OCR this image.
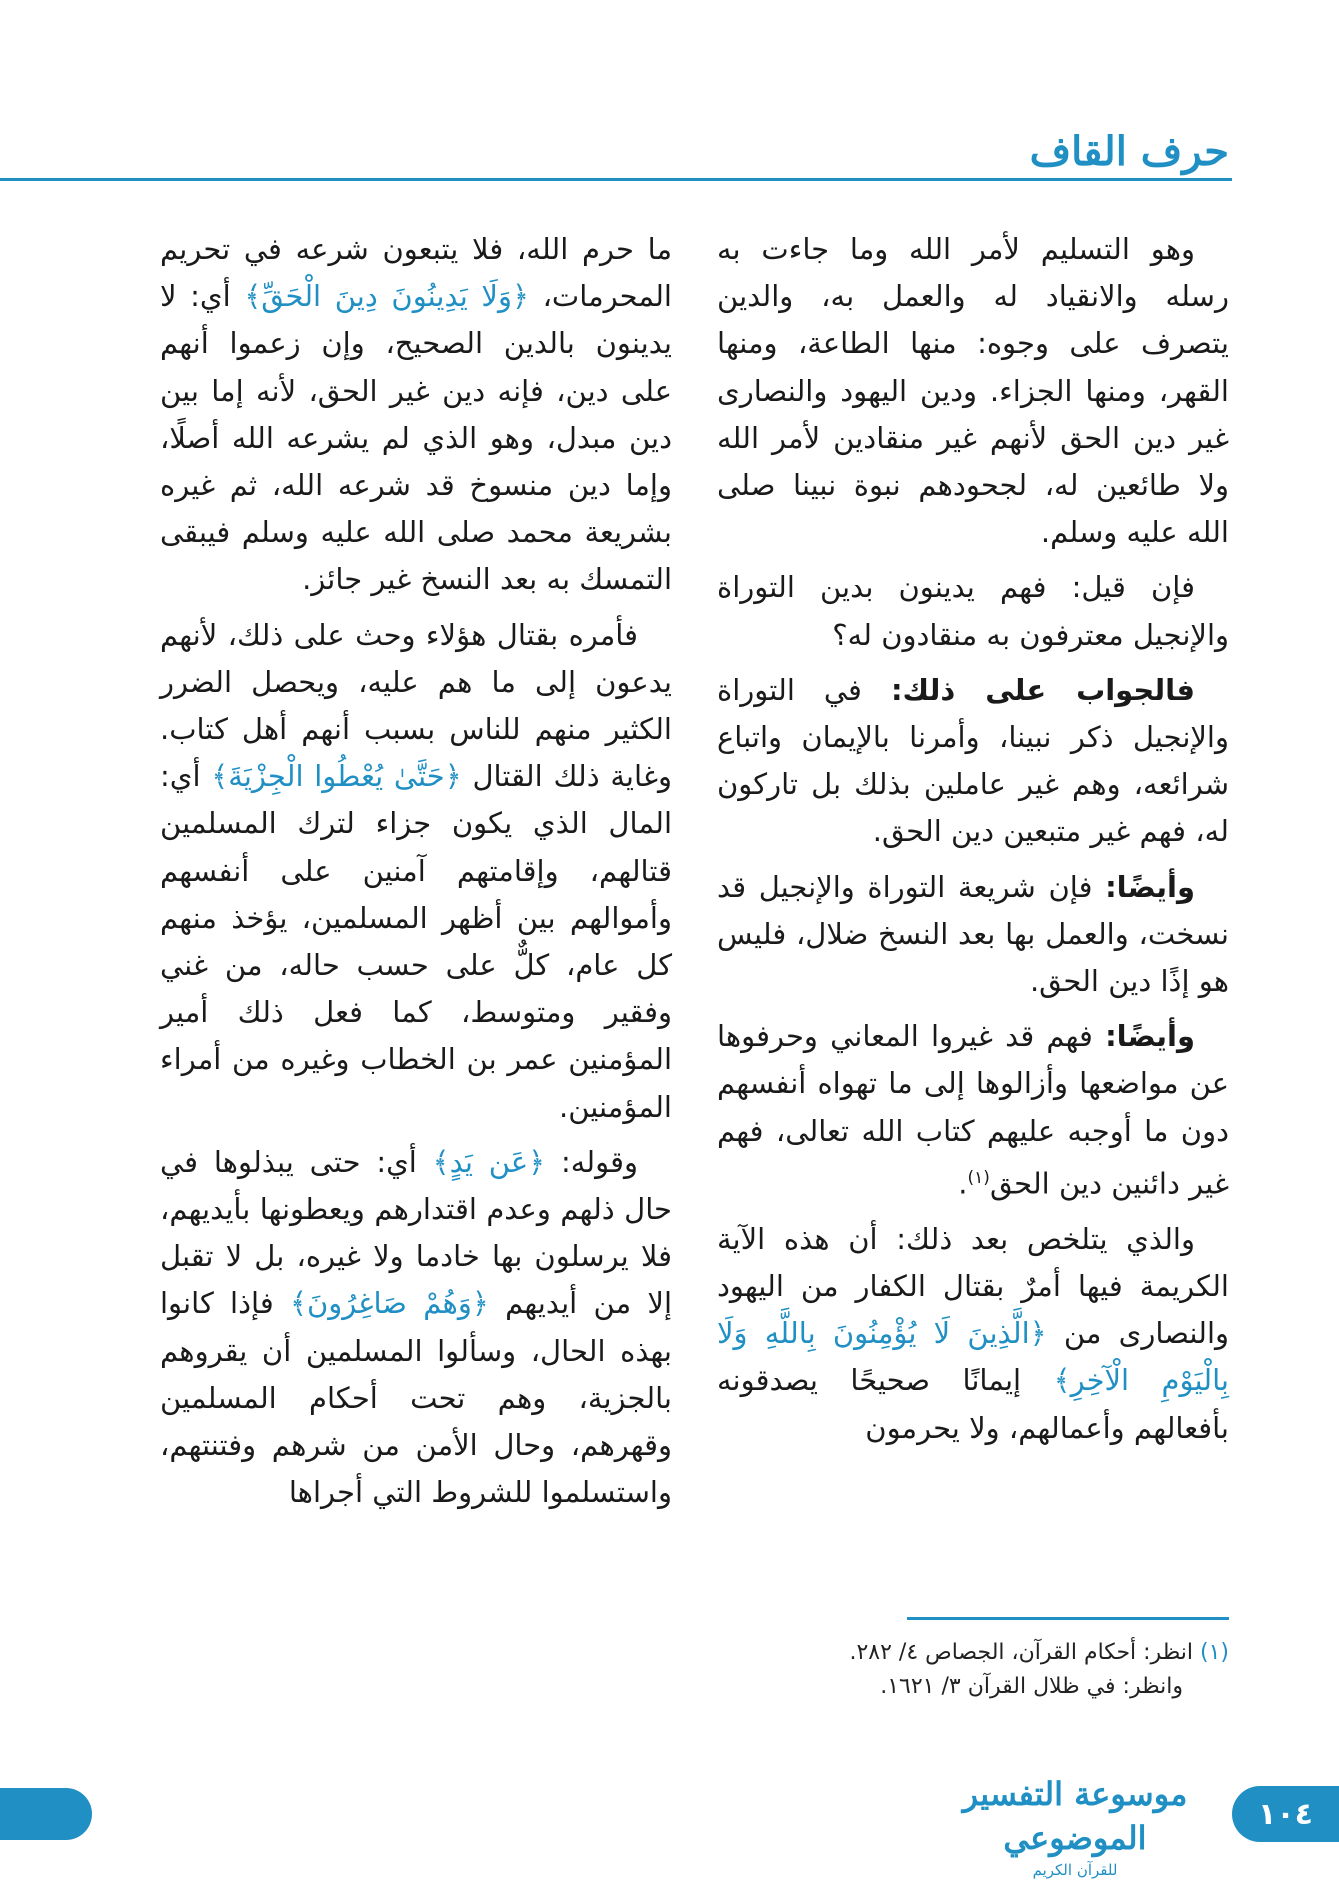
حرف القاف

وهو التسليم لأمر الله وما جاءت به رسله والانقياد له والعمل به، والدين يتصرف على وجوه: منها الطاعة، ومنها القهر، ومنها الجزاء. ودين اليهود والنصارى غير دين الحق لأنهم غير منقادين لأمر الله ولا طائعين له، لجحودهم نبوة نبينا صلى الله عليه وسلم.

فإن قيل: فهم يدينون بدين التوراة والإنجيل معترفون به منقادون له؟

فالجواب على ذلك: في التوراة والإنجيل ذكر نبينا، وأمرنا بالإيمان واتباع شرائعه، وهم غير عاملين بذلك بل تاركون له، فهم غير متبعين دين الحق.

وأيضًا: فإن شريعة التوراة والإنجيل قد نسخت، والعمل بها بعد النسخ ضلال، فليس هو إذًا دين الحق.

وأيضًا: فهم قد غيروا المعاني وحرفوها عن مواضعها وأزالوها إلى ما تهواه أنفسهم دون ما أوجبه عليهم كتاب الله تعالى، فهم غير دائنين دين الحق$^{(١)}$.

والذي يتلخص بعد ذلك: أن هذه الآية الكريمة فيها أمرٌ بقتال الكفار من اليهود والنصارى من ﴿الَّذِينَ لَا يُؤْمِنُونَ بِاللَّهِ وَلَا بِالْيَوْمِ الْآخِرِ﴾ إيمانًا صحيحًا يصدقونه بأفعالهم وأعمالهم، ولا يحرمون

ما حرم الله، فلا يتبعون شرعه في تحريم المحرمات، ﴿وَلَا يَدِينُونَ دِينَ الْحَقِّ﴾ أي: لا يدينون بالدين الصحيح، وإن زعموا أنهم على دين، فإنه دين غير الحق، لأنه إما بين دين مبدل، وهو الذي لم يشرعه الله أصلًا، وإما دين منسوخ قد شرعه الله، ثم غيره بشريعة محمد صلى الله عليه وسلم فيبقى التمسك به بعد النسخ غير جائز.

فأمره بقتال هؤلاء وحث على ذلك، لأنهم يدعون إلى ما هم عليه، ويحصل الضرر الكثير منهم للناس بسبب أنهم أهل كتاب. وغاية ذلك القتال ﴿حَتَّىٰ يُعْطُوا الْجِزْيَةَ﴾ أي: المال الذي يكون جزاء لترك المسلمين قتالهم، وإقامتهم آمنين على أنفسهم وأموالهم بين أظهر المسلمين، يؤخذ منهم كل عام، كلٌّ على حسب حاله، من غني وفقير ومتوسط، كما فعل ذلك أمير المؤمنين عمر بن الخطاب وغيره من أمراء المؤمنين.

وقوله: ﴿عَن يَدٍ﴾ أي: حتى يبذلوها في حال ذلهم وعدم اقتدارهم ويعطونها بأيديهم، فلا يرسلون بها خادما ولا غيره، بل لا تقبل إلا من أيديهم ﴿وَهُمْ صَاغِرُونَ﴾ فإذا كانوا بهذه الحال، وسألوا المسلمين أن يقروهم بالجزية، وهم تحت أحكام المسلمين وقهرهم، وحال الأمن من شرهم وفتنتهم، واستسلموا للشروط التي أجراها

(١) انظر: أحكام القرآن، الجصاص ٤/ ٢٨٢.
وانظر: في ظلال القرآن ٣/ ١٦٢١.
موسوعة التفسير الموضوعي
للقرآن الكريم
١٠٤
